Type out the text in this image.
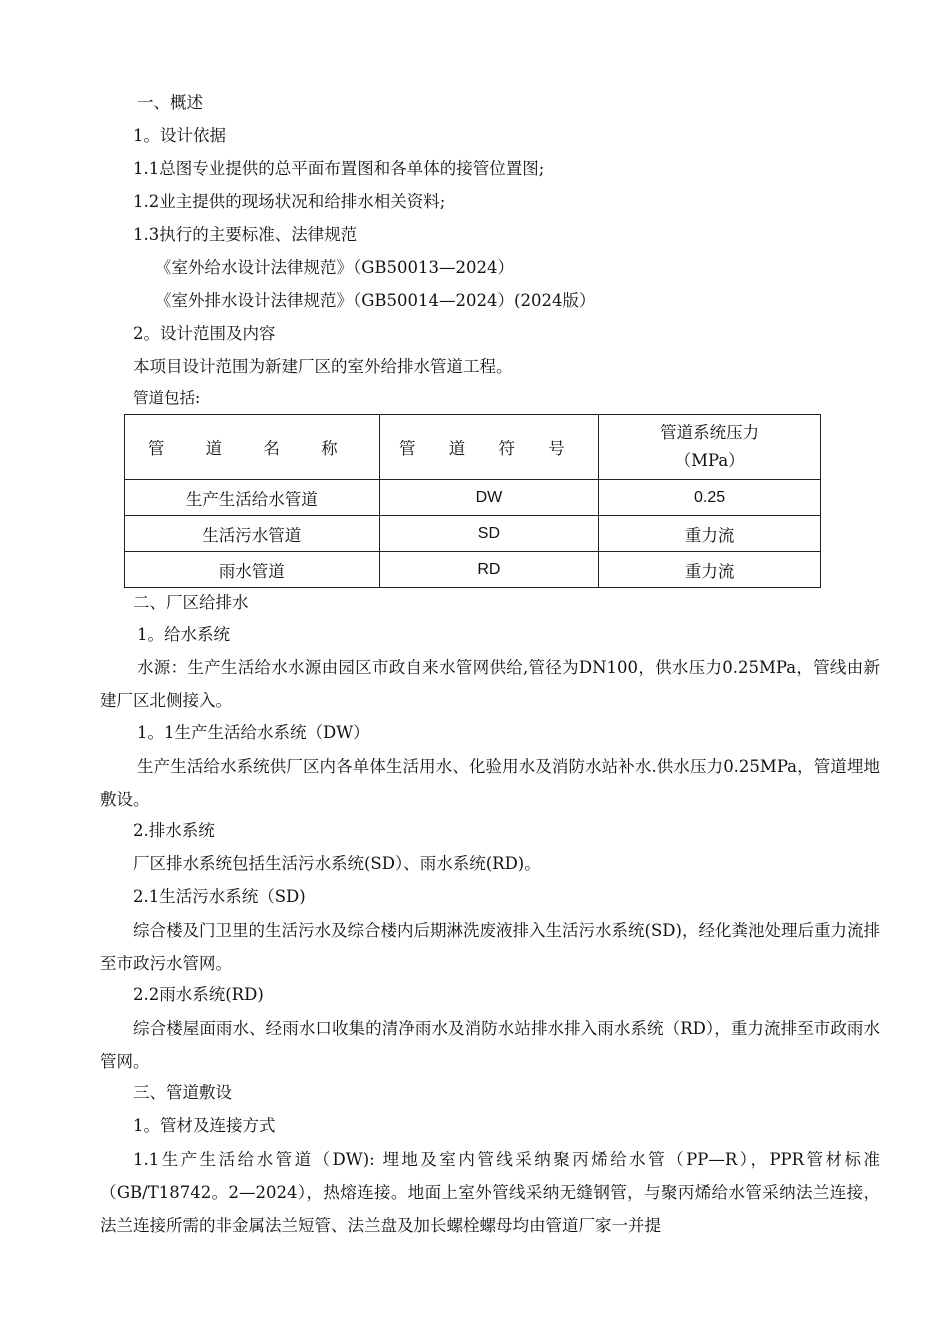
一、概述
1。设计依据
1.1总图专业提供的总平面布置图和各单体的接管位置图;
1.2业主提供的现场状况和给排水相关资料;
1.3执行的主要标准、法律规范
《室外给水设计法律规范》（GB50013—2024）
《室外排水设计法律规范》（GB50014—2024）(2024版）
2。设计范围及内容
本项目设计范围为新建厂区的室外给排水管道工程。
管道包括:
管 道 名 称	管 道 符 号	管道系统压力
（MPa）

生产生活给水管道	DW	0.25
生活污水管道	SD	重力流
雨水管道	RD	重力流
二、厂区给排水
1。给水系统
水源：生产生活给水水源由园区市政自来水管网供给,管径为DN100，供水压力0.25MPa，管线由新建厂区北侧接入。
1。1生产生活给水系统（DW）
生产生活给水系统供厂区内各单体生活用水、化验用水及消防水站补水.供水压力0.25MPa，管道埋地敷设。
2.排水系统
厂区排水系统包括生活污水系统(SD）、雨水系统(RD)。
2.1生活污水系统（SD)
综合楼及门卫里的生活污水及综合楼内后期淋洗废液排入生活污水系统(SD)，经化粪池处理后重力流排至市政污水管网。
2.2雨水系统(RD)
综合楼屋面雨水、经雨水口收集的清净雨水及消防水站排水排入雨水系统（RD），重力流排至市政雨水管网。
三、管道敷设
1。管材及连接方式
1.1生产生活给水管道（DW): 埋地及室内管线采纳聚丙烯给水管（PP—R），PPR管材标准（GB/T18742。2—2024），热熔连接。地面上室外管线采纳无缝钢管，与聚丙烯给水管采纳法兰连接，法兰连接所需的非金属法兰短管、法兰盘及加长螺栓螺母均由管道厂家一并提
